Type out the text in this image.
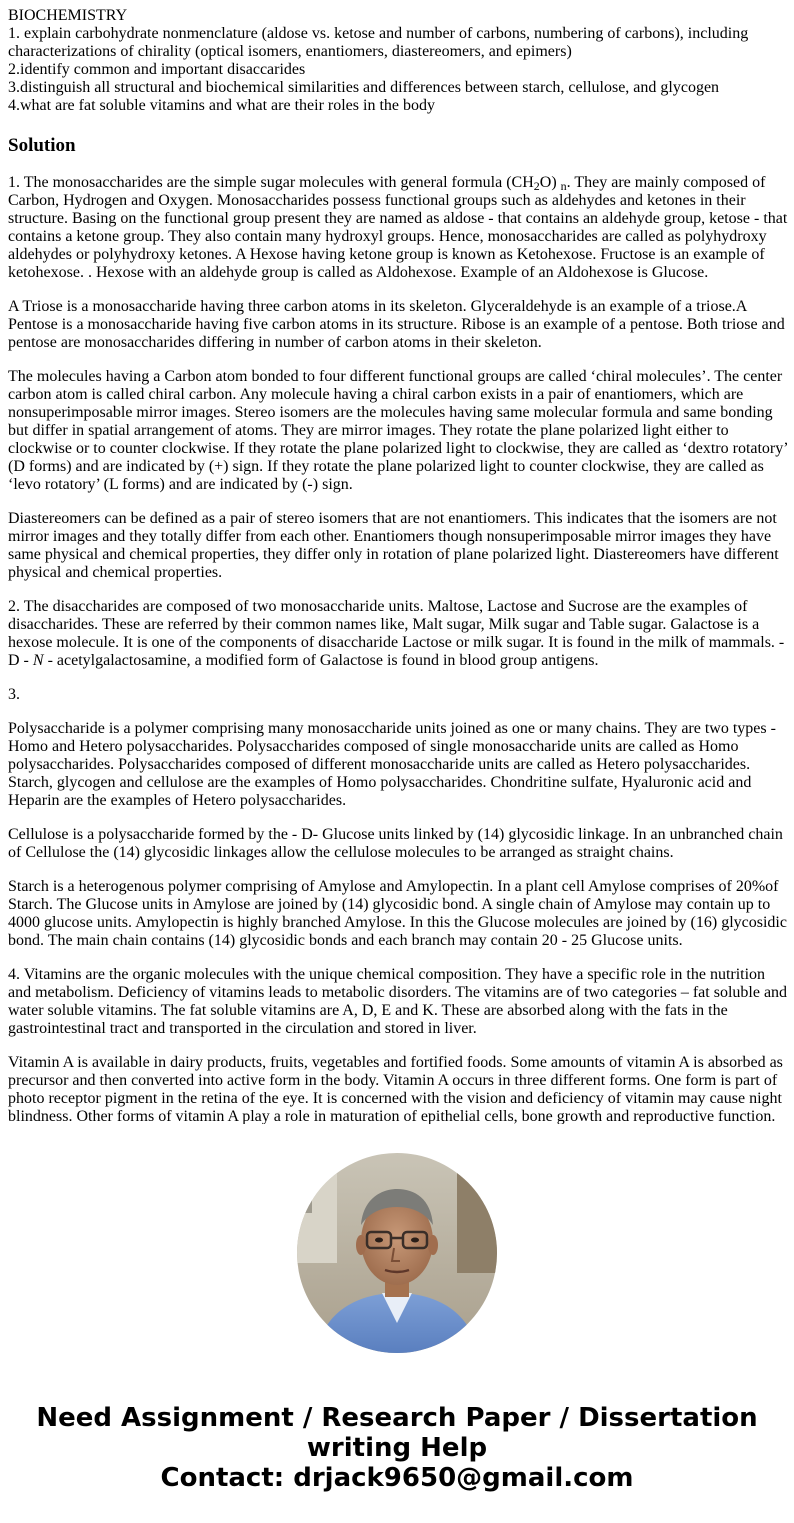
BIOCHEMISTRY
1. explain carbohydrate nonmenclature (aldose vs. ketose and number of carbons, numbering of carbons), including characterizations of chirality (optical isomers, enantiomers, diastereomers, and epimers)
2.identify common and important disaccarides
3.distinguish all structural and biochemical similarities and differences between starch, cellulose, and glycogen
4.what are fat soluble vitamins and what are their roles in the body
Solution

1. The monosaccharides are the simple sugar molecules with general formula $(CH_2O)$ $_n$. They are mainly composed of Carbon, Hydrogen and Oxygen. Monosaccharides possess functional groups such as aldehydes and ketones in their structure. Basing on the functional group present they are named as aldose - that contains an aldehyde group, ketose - that contains a ketone group. They also contain many hydroxyl groups. Hence, monosaccharides are called as polyhydroxy aldehydes or polyhydroxy ketones. A Hexose having ketone group is known as Ketohexose. Fructose is an example of ketohexose. . Hexose with an aldehyde group is called as Aldohexose. Example of an Aldohexose is Glucose.

A Triose is a monosaccharide having three carbon atoms in its skeleton. Glyceraldehyde is an example of a triose.A Pentose is a monosaccharide having five carbon atoms in its structure. Ribose is an example of a pentose. Both triose and pentose are monosaccharides differing in number of carbon atoms in their skeleton.

The molecules having a Carbon atom bonded to four different functional groups are called ‘chiral molecules’. The center carbon atom is called chiral carbon. Any molecule having a chiral carbon exists in a pair of enantiomers, which are nonsuperimposable mirror images. Stereo isomers are the molecules having same molecular formula and same bonding but differ in spatial arrangement of atoms. They are mirror images. They rotate the plane polarized light either to clockwise or to counter clockwise. If they rotate the plane polarized light to clockwise, they are called as ‘dextro rotatory’ (D forms) and are indicated by (+) sign. If they rotate the plane polarized light to counter clockwise, they are called as ‘levo rotatory’ (L forms) and are indicated by (-) sign.

Diastereomers can be defined as a pair of stereo isomers that are not enantiomers. This indicates that the isomers are not mirror images and they totally differ from each other. Enantiomers though nonsuperimposable mirror images they have same physical and chemical properties, they differ only in rotation of plane polarized light. Diastereomers have different physical and chemical properties.

2. The disaccharides are composed of two monosaccharide units. Maltose, Lactose and Sucrose are the examples of disaccharides. These are referred by their common names like, Malt sugar, Milk sugar and Table sugar. Galactose is a hexose molecule. It is one of the components of disaccharide Lactose or milk sugar. It is found in the milk of mammals. - D - N - acetylgalactosamine, a modified form of Galactose is found in blood group antigens.

3.

Polysaccharide is a polymer comprising many monosaccharide units joined as one or many chains. They are two types - Homo and Hetero polysaccharides. Polysaccharides composed of single monosaccharide units are called as Homo polysaccharides. Polysaccharides composed of different monosaccharide units are called as Hetero polysaccharides. Starch, glycogen and cellulose are the examples of Homo polysaccharides. Chondritine sulfate, Hyaluronic acid and Heparin are the examples of Hetero polysaccharides.

Cellulose is a polysaccharide formed by the - D- Glucose units linked by (14) glycosidic linkage. In an unbranched chain of Cellulose the (14) glycosidic linkages allow the cellulose molecules to be arranged as straight chains.

Starch is a heterogenous polymer comprising of Amylose and Amylopectin. In a plant cell Amylose comprises of 20%of Starch. The Glucose units in Amylose are joined by (14) glycosidic bond. A single chain of Amylose may contain up to 4000 glucose units. Amylopectin is highly branched Amylose. In this the Glucose molecules are joined by (16) glycosidic bond. The main chain contains (14) glycosidic bonds and each branch may contain 20 - 25 Glucose units.

4. Vitamins are the organic molecules with the unique chemical composition. They have a specific role in the nutrition and metabolism. Deficiency of vitamins leads to metabolic disorders. The vitamins are of two categories – fat soluble and water soluble vitamins. The fat soluble vitamins are A, D, E and K. These are absorbed along with the fats in the gastrointestinal tract and transported in the circulation and stored in liver.

Vitamin A is available in dairy products, fruits, vegetables and fortified foods. Some amounts of vitamin A is absorbed as precursor and then converted into active form in the body. Vitamin A occurs in three different forms. One form is part of photo receptor pigment in the retina of the eye. It is concerned with the vision and deficiency of vitamin may cause night blindness. Other forms of vitamin A play a role in maturation of epithelial cells, bone growth and reproductive function.

Need Assignment / Research Paper / Dissertation
writing Help
Contact: drjack9650@gmail.com
